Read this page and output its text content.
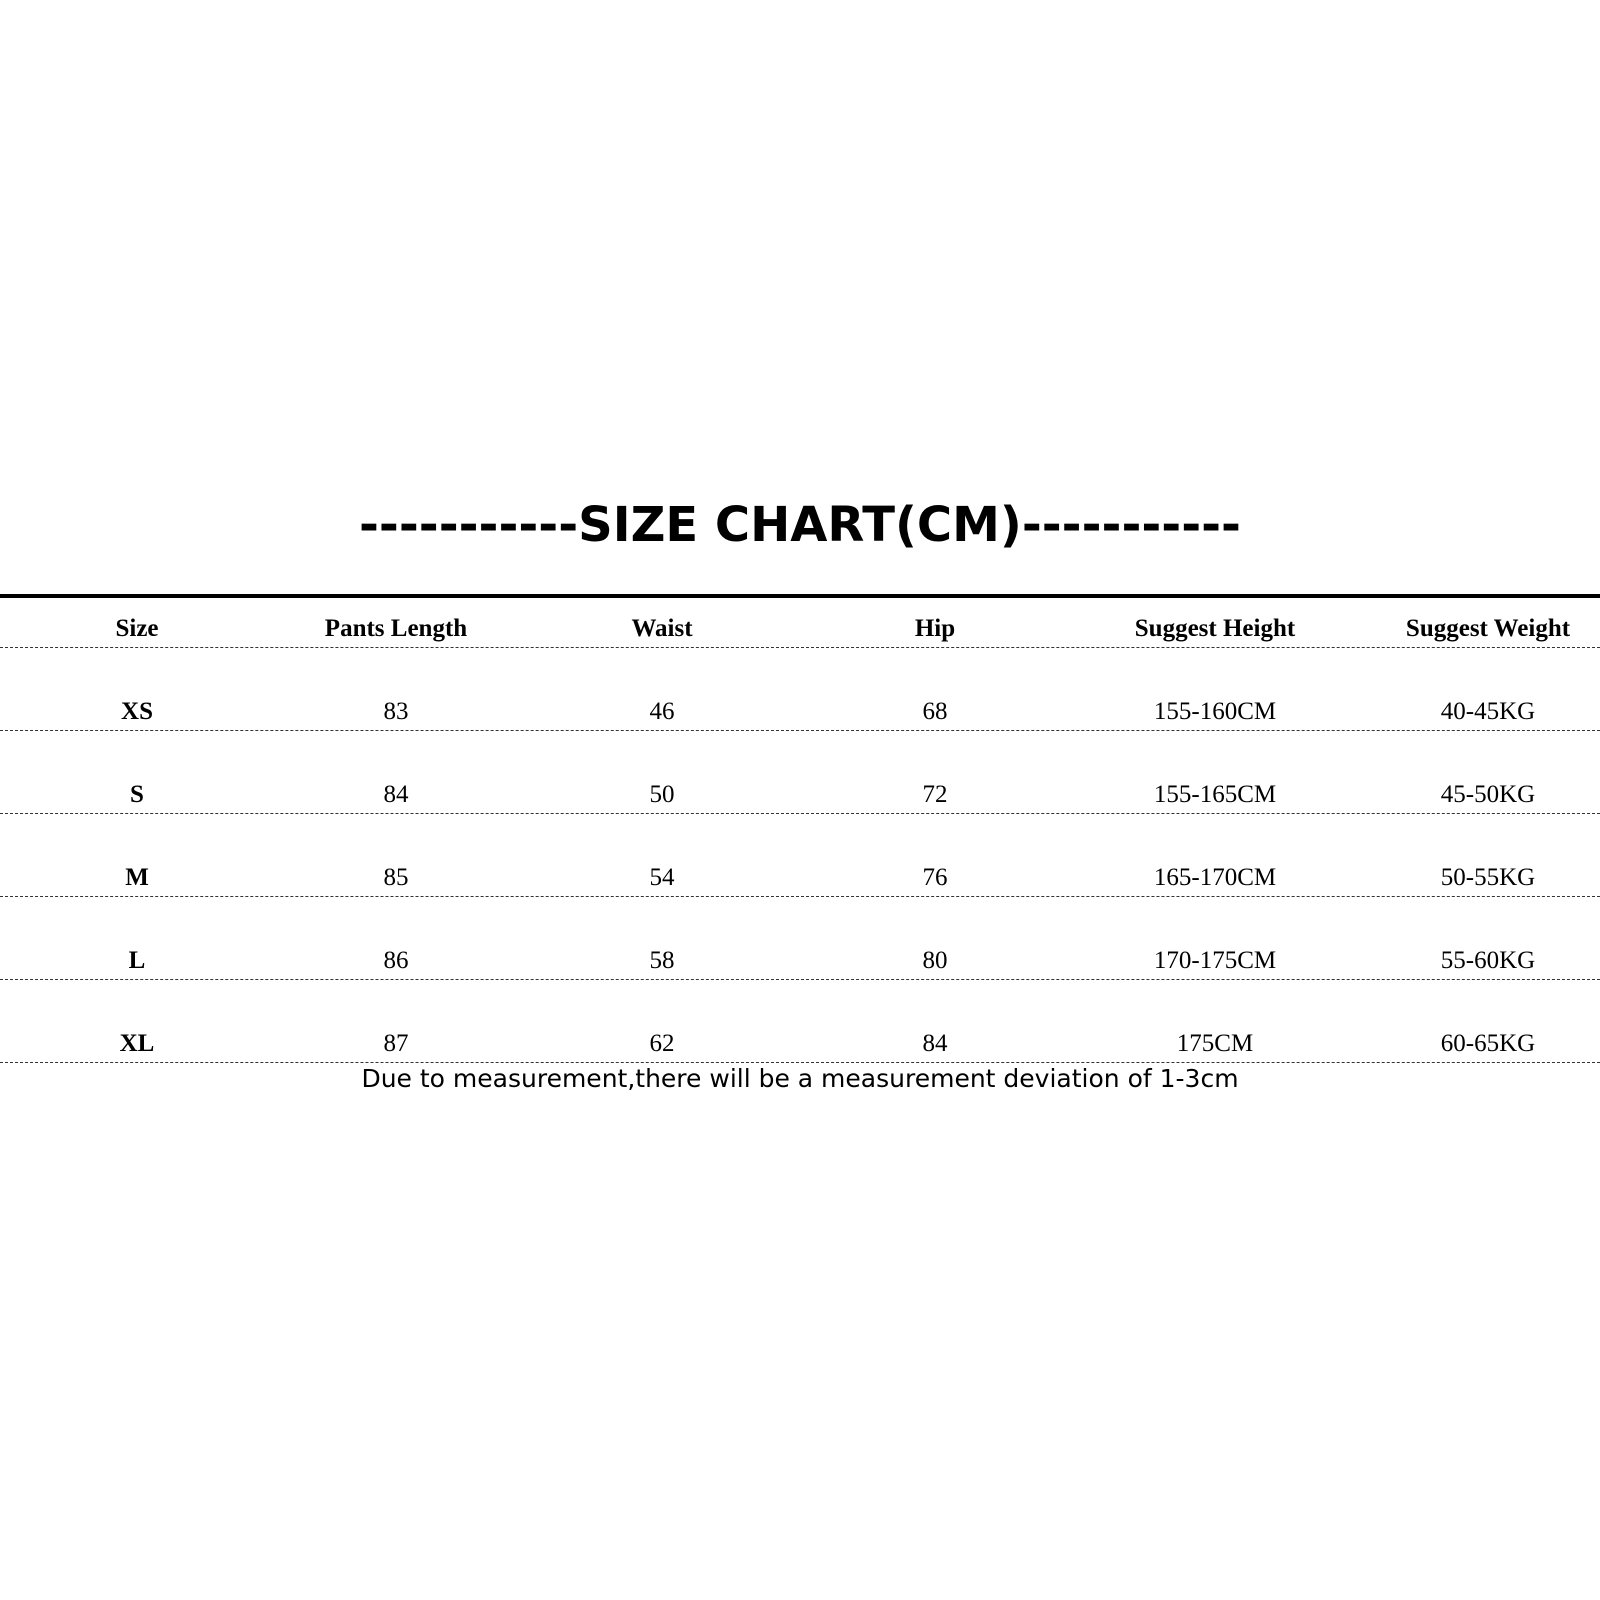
-----------SIZE CHART(CM)-----------
Size	Pants Length	Waist	Hip	Suggest Height	Suggest Weight
XS	83	46	68	155-160CM	40-45KG
S	84	50	72	155-165CM	45-50KG
M	85	54	76	165-170CM	50-55KG
L	86	58	80	170-175CM	55-60KG
XL	87	62	84	175CM	60-65KG
Due to measurement,there will be a measurement deviation of 1-3cm
